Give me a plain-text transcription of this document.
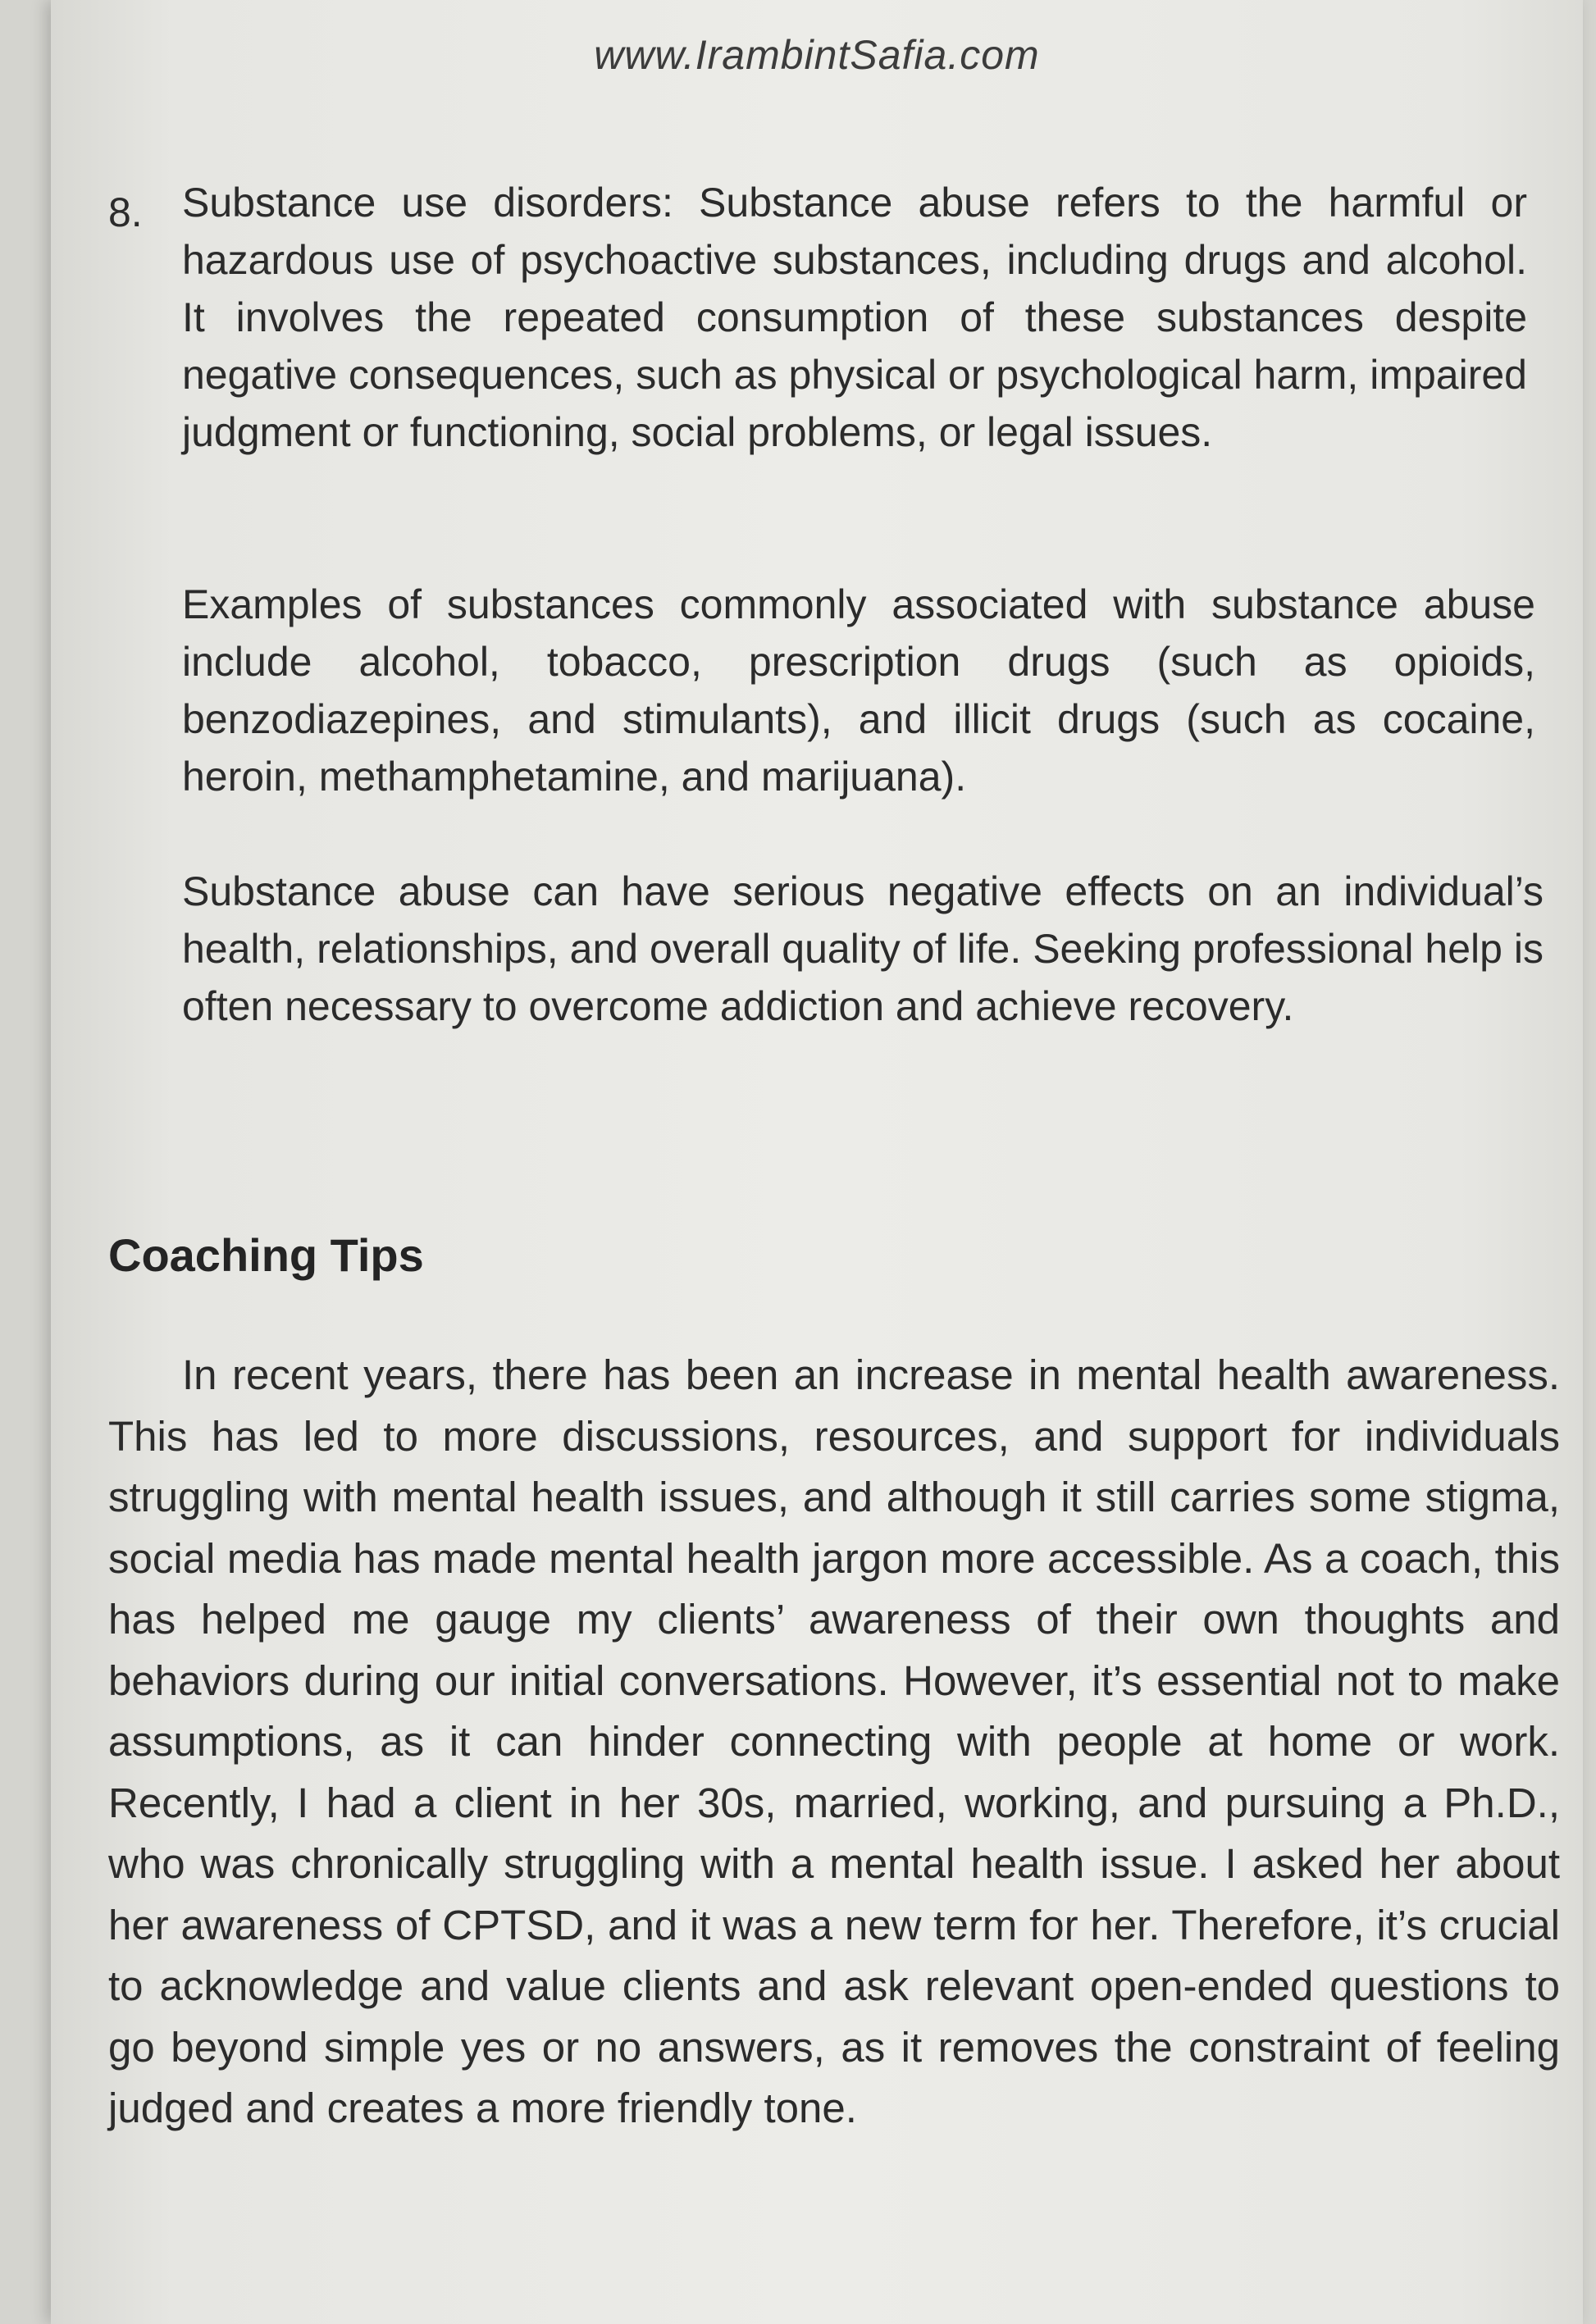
www.IrambintSafia.com
8. Substance use disorders: Substance abuse refers to the harmful or hazardous use of psychoactive substances, including drugs and alcohol. It involves the repeated consumption of these substances despite negative consequences, such as physical or psychological harm, impaired judgment or functioning, social problems, or legal issues.

Examples of substances commonly associated with substance abuse include alcohol, tobacco, prescription drugs (such as opioids, benzodiazepines, and stimulants), and illicit drugs (such as cocaine, heroin, methamphetamine, and marijuana).

Substance abuse can have serious negative effects on an individual’s health, relationships, and overall quality of life. Seeking professional help is often necessary to overcome addiction and achieve recovery.

Coaching Tips

In recent years, there has been an increase in mental health awareness. This has led to more discussions, resources, and support for individuals struggling with mental health issues, and although it still carries some stigma, social media has made mental health jargon more accessible. As a coach, this has helped me gauge my clients’ awareness of their own thoughts and behaviors during our initial conversations. However, it’s essential not to make assumptions, as it can hinder connecting with people at home or work. Recently, I had a client in her 30s, married, working, and pursuing a Ph.D., who was chronically struggling with a mental health issue. I asked her about her awareness of CPTSD, and it was a new term for her. Therefore, it’s crucial to acknowledge and value clients and ask relevant open-ended questions to go beyond simple yes or no answers, as it removes the constraint of feeling judged and creates a more friendly tone.
